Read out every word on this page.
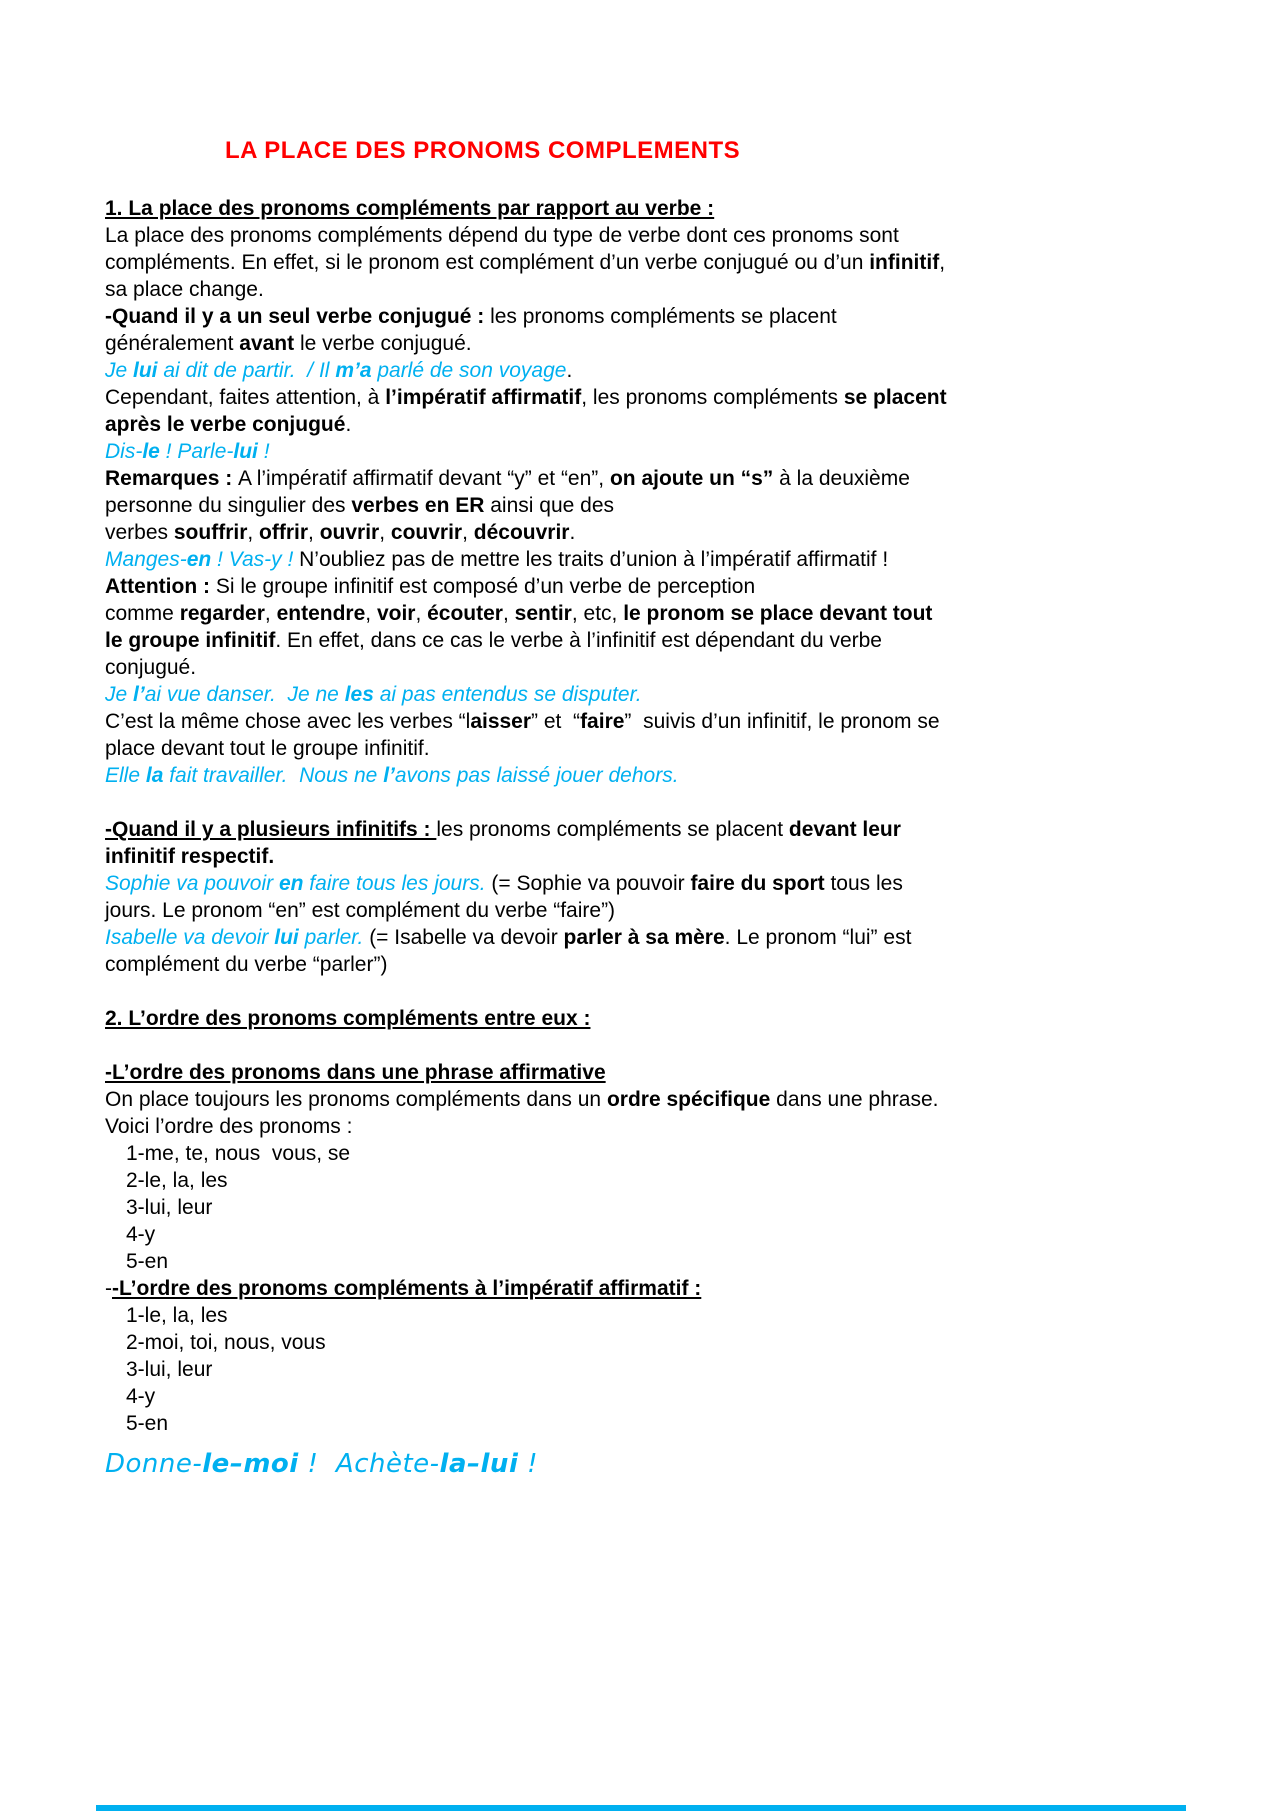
LA PLACE DES PRONOMS COMPLEMENTS
1. La place des pronoms compléments par rapport au verbe :
La place des pronoms compléments dépend du type de verbe dont ces pronoms sont
compléments. En effet, si le pronom est complément d’un verbe conjugué ou d’un infinitif,
sa place change.
-Quand il y a un seul verbe conjugué : les pronoms compléments se placent
généralement avant le verbe conjugué.
Je lui ai dit de partir.  / Il m’a parlé de son voyage.
Cependant, faites attention, à l’impératif affirmatif, les pronoms compléments se placent
après le verbe conjugué.
Dis-le ! Parle-lui !
Remarques : A l’impératif affirmatif devant “y” et “en”, on ajoute un “s” à la deuxième
personne du singulier des verbes en ER ainsi que des
verbes souffrir, offrir, ouvrir, couvrir, découvrir.
Manges-en ! Vas-y ! N’oubliez pas de mettre les traits d’union à l’impératif affirmatif !
Attention : Si le groupe infinitif est composé d’un verbe de perception
comme regarder, entendre, voir, écouter, sentir, etc, le pronom se place devant tout
le groupe infinitif. En effet, dans ce cas le verbe à l’infinitif est dépendant du verbe
conjugué.
Je l’ai vue danser.  Je ne les ai pas entendus se disputer.
C’est la même chose avec les verbes “laisser” et  “faire”  suivis d’un infinitif, le pronom se
place devant tout le groupe infinitif.
Elle la fait travailler.  Nous ne l’avons pas laissé jouer dehors.
-Quand il y a plusieurs infinitifs : les pronoms compléments se placent devant leur
infinitif respectif.
Sophie va pouvoir en faire tous les jours. (= Sophie va pouvoir faire du sport tous les
jours. Le pronom “en” est complément du verbe “faire”)
Isabelle va devoir lui parler. (= Isabelle va devoir parler à sa mère. Le pronom “lui” est
complément du verbe “parler”)
2. L’ordre des pronoms compléments entre eux :
-L’ordre des pronoms dans une phrase affirmative
On place toujours les pronoms compléments dans un ordre spécifique dans une phrase.
Voici l’ordre des pronoms :
1-me, te, nous  vous, se
2-le, la, les
3-lui, leur
4-y
5-en
--L’ordre des pronoms compléments à l’impératif affirmatif :
1-le, la, les
2-moi, toi, nous, vous
3-lui, leur
4-y
5-en
Donne-le–moi !  Achète-la–lui !
